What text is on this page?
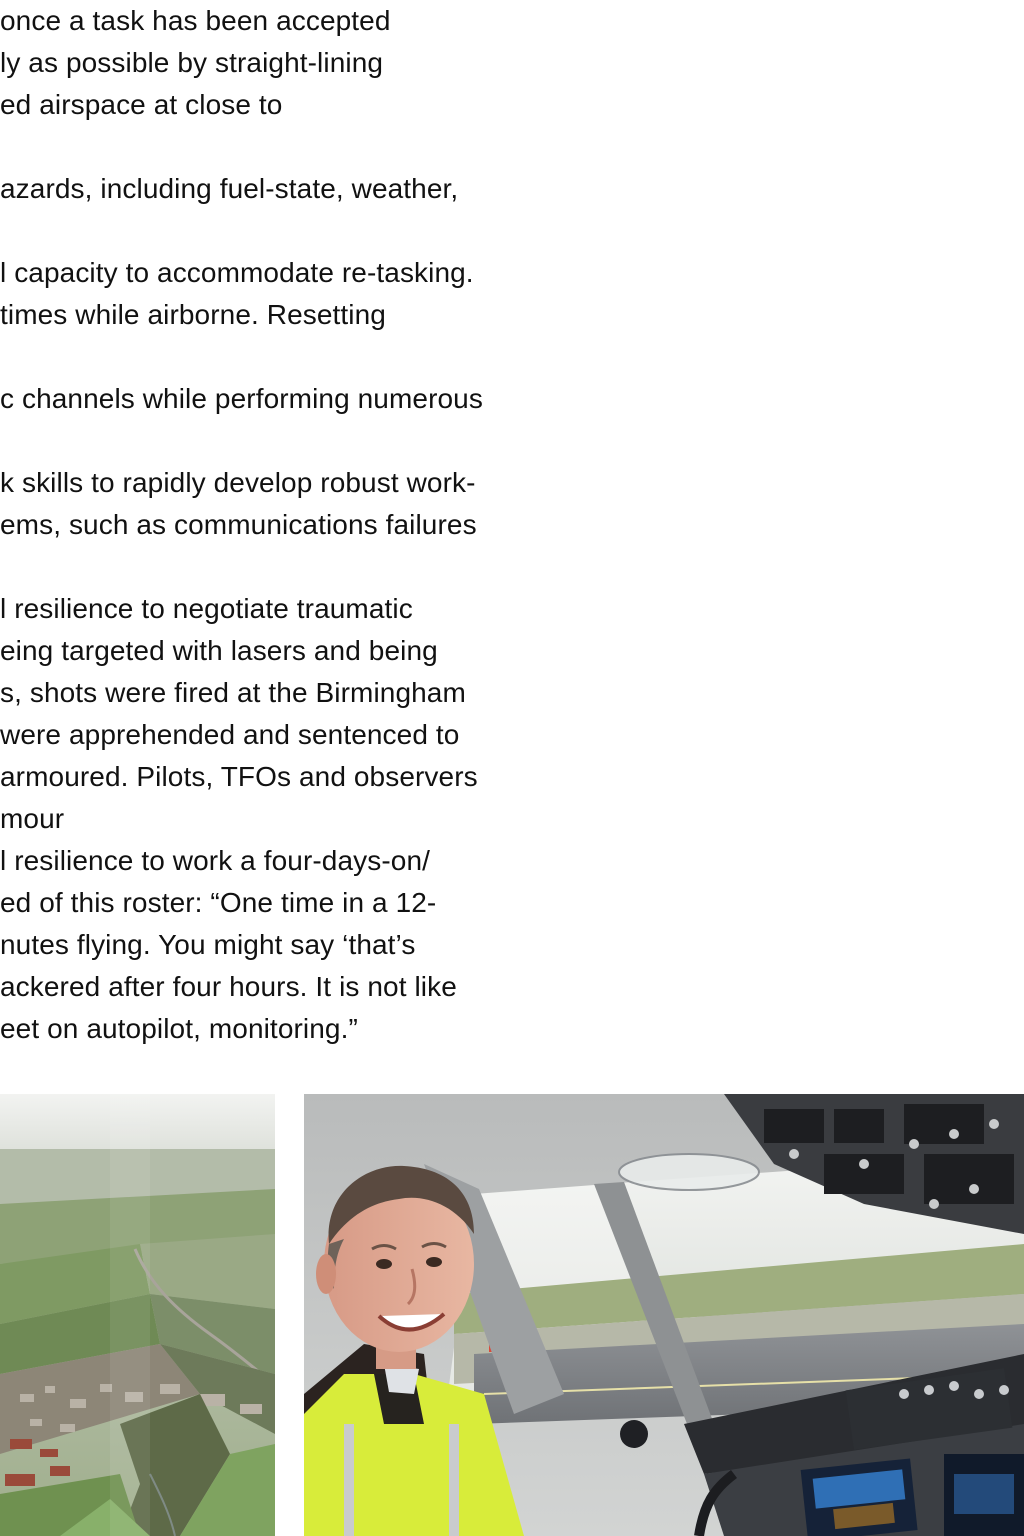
once a task has been accepted
ly as possible by straight-lining
ed airspace at close to
azards, including fuel-state, weather,
l capacity to accommodate re-tasking.
times while airborne. Resetting
c channels while performing numerous
k skills to rapidly develop robust work-
ems, such as communications failures
l resilience to negotiate traumatic
eing targeted with lasers and being
s, shots were fired at the Birmingham
were apprehended and sentenced to
armoured. Pilots, TFOs and observers
mour
l resilience to work a four-days-on/
ed of this roster: “One time in a 12-
nutes flying. You might say ‘that’s
ackered after four hours. It is not like
eet on autopilot, monitoring.”
